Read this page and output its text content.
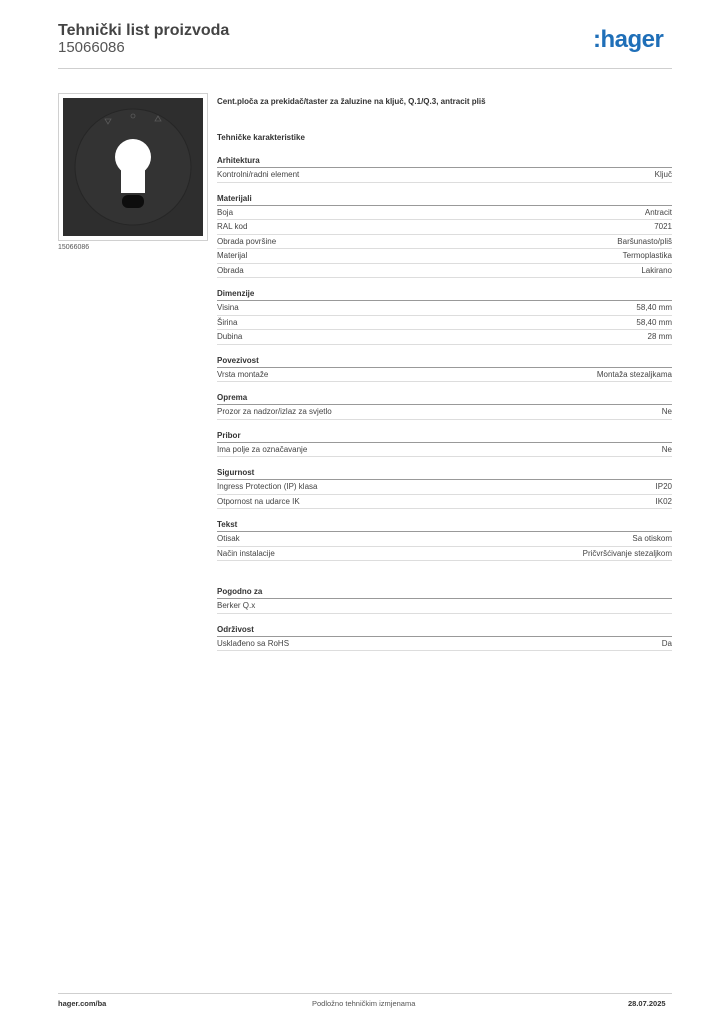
Tehnički list proizvoda
15066086	:hager
15066086
Cent.ploča za prekidač/taster za žaluzine na ključ, Q.1/Q.3, antracit pliš
Tehničke karakteristike
Arhitektura
Kontrolni/radni element	Ključ
Materijali
Boja	Antracit
RAL kod	7021
Obrada površine	Baršunasto/pliš
Materijal	Termoplastika
Obrada	Lakirano
Dimenzije
Visina	58,40 mm
Širina	58,40 mm
Dubina	28 mm
Povezivost
Vrsta montaže	Montaža stezaljkama
Oprema
Prozor za nadzor/izlaz za svjetlo	Ne
Pribor
Ima polje za označavanje	Ne
Sigurnost
Ingress Protection (IP) klasa	IP20
Otpornost na udarce IK	IK02
Tekst
Otisak	Sa otiskom
Način instalacije	Pričvršćivanje stezaljkom
Pogodno za
Berker Q.x
Održivost
Usklađeno sa RoHS	Da
hager.com/ba	Podložno tehničkim izmjenama	28.07.2025
